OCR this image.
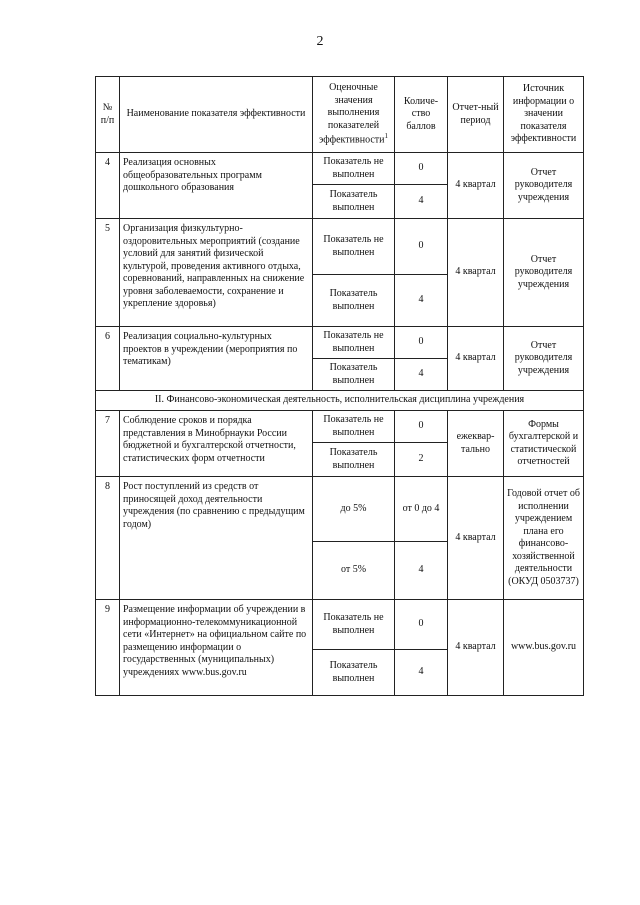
2
№ п/п	Наименование показателя эффективности	Оценочные значения выполнения показателей эффективности$^1$	Количе-ство баллов	Отчет-ный период	Источник информации о значении показателя эффективности
4	Реализация основных общеобразовательных программ дошкольного образования	Показатель не выполнен	0	4 квартал	Отчет руководителя учреждения
		Показатель выполнен	4		
5	Организация физкультурно-оздоровительных мероприятий (создание условий для занятий физической культурой, проведения активного отдыха, соревнований, направленных на снижение уровня заболеваемости, сохранение и укрепление здоровья)	Показатель не выполнен	0	4 квартал	Отчет руководителя учреждения
		Показатель выполнен	4		
6	Реализация социально-культурных проектов в учреждении (мероприятия по тематикам)	Показатель не выполнен	0	4 квартал	Отчет руководителя учреждения
		Показатель выполнен	4		
II. Финансово-экономическая деятельность, исполнительская дисциплина учреждения					
7	Соблюдение сроков и порядка представления в Минобрнауки России бюджетной и бухгалтерской отчетности, статистических форм отчетности	Показатель не выполнен	0	ежеквар-тально	Формы бухгалтерской и статистической отчетностей
		Показатель выполнен	2		
8	Рост поступлений из средств от приносящей доход деятельности учреждения (по сравнению с предыдущим годом)	до 5%	от 0 до 4	4 квартал	Годовой отчет об исполнении учреждением плана его финансово-хозяйственной деятельности (ОКУД 0503737)
		от 5%	4		
9	Размещение информации об учреждении в информационно-телекоммуникационной сети «Интернет» на официальном сайте по размещению информации о государственных (муниципальных) учреждениях www.bus.gov.ru	Показатель не выполнен	0	4 квартал	www.bus.gov.ru
		Показатель выполнен	4		
